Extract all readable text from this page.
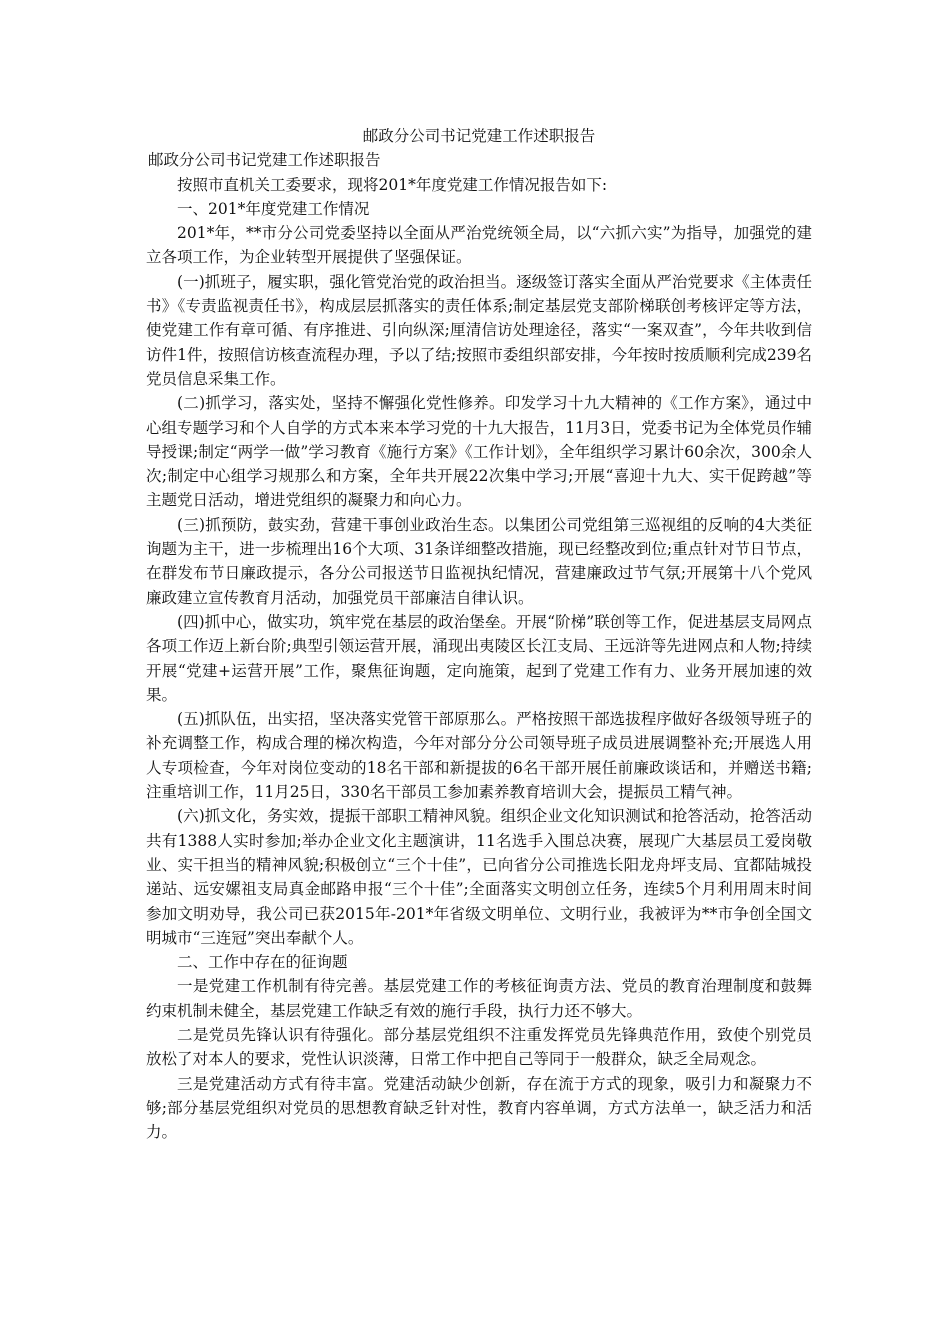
邮政分公司书记党建工作述职报告

邮政分公司书记党建工作述职报告

按照市直机关工委要求，现将201*年度党建工作情况报告如下:

一、201*年度党建工作情况

201*年，**市分公司党委坚持以全面从严治党统领全局，以“六抓六实”为指导，加强党的建立各项工作，为企业转型开展提供了坚强保证。

(一)抓班子，履实职，强化管党治党的政治担当。逐级签订落实全面从严治党要求《主体责任书》《专责监视责任书》，构成层层抓落实的责任体系;制定基层党支部阶梯联创考核评定等方法，使党建工作有章可循、有序推进、引向纵深;厘清信访处理途径，落实“一案双查”，今年共收到信访件1件，按照信访核查流程办理，予以了结;按照市委组织部安排，今年按时按质顺利完成239名党员信息采集工作。

(二)抓学习，落实处，坚持不懈强化党性修养。印发学习十九大精神的《工作方案》，通过中心组专题学习和个人自学的方式本来本学习党的十九大报告，11月3日，党委书记为全体党员作辅导授课;制定“两学一做”学习教育《施行方案》《工作计划》，全年组织学习累计60余次，300余人次;制定中心组学习规那么和方案，全年共开展22次集中学习;开展“喜迎十九大、实干促跨越”等主题党日活动，增进党组织的凝聚力和向心力。

(三)抓预防，鼓实劲，营建干事创业政治生态。以集团公司党组第三巡视组的反响的4大类征询题为主干，进一步梳理出16个大项、31条详细整改措施，现已经整改到位;重点针对节日节点，在群发布节日廉政提示，各分公司报送节日监视执纪情况，营建廉政过节气氛;开展第十八个党风廉政建立宣传教育月活动，加强党员干部廉洁自律认识。

(四)抓中心，做实功，筑牢党在基层的政治堡垒。开展“阶梯”联创等工作，促进基层支局网点各项工作迈上新台阶;典型引领运营开展，涌现出夷陵区长江支局、王远浒等先进网点和人物;持续开展“党建+运营开展”工作，聚焦征询题，定向施策，起到了党建工作有力、业务开展加速的效果。

(五)抓队伍，出实招，坚决落实党管干部原那么。严格按照干部选拔程序做好各级领导班子的补充调整工作，构成合理的梯次构造，今年对部分分公司领导班子成员进展调整补充;开展选人用人专项检查，今年对岗位变动的18名干部和新提拔的6名干部开展任前廉政谈话和，并赠送书籍;注重培训工作，11月25日，330名干部员工参加素养教育培训大会，提振员工精气神。

(六)抓文化，务实效，提振干部职工精神风貌。组织企业文化知识测试和抢答活动，抢答活动共有1388人实时参加;举办企业文化主题演讲，11名选手入围总决赛，展现广大基层员工爱岗敬业、实干担当的精神风貌;积极创立“三个十佳”，已向省分公司推选长阳龙舟坪支局、宜都陆城投递站、远安嫘祖支局真金邮路申报“三个十佳”;全面落实文明创立任务，连续5个月利用周末时间参加文明劝导，我公司已获2015年-201*年省级文明单位、文明行业，我被评为**市争创全国文明城市“三连冠”突出奉献个人。

二、工作中存在的征询题

一是党建工作机制有待完善。基层党建工作的考核征询责方法、党员的教育治理制度和鼓舞约束机制未健全，基层党建工作缺乏有效的施行手段，执行力还不够大。

二是党员先锋认识有待强化。部分基层党组织不注重发挥党员先锋典范作用，致使个别党员放松了对本人的要求，党性认识淡薄，日常工作中把自己等同于一般群众，缺乏全局观念。

三是党建活动方式有待丰富。党建活动缺少创新，存在流于方式的现象，吸引力和凝聚力不够;部分基层党组织对党员的思想教育缺乏针对性，教育内容单调，方式方法单一，缺乏活力和活力。
